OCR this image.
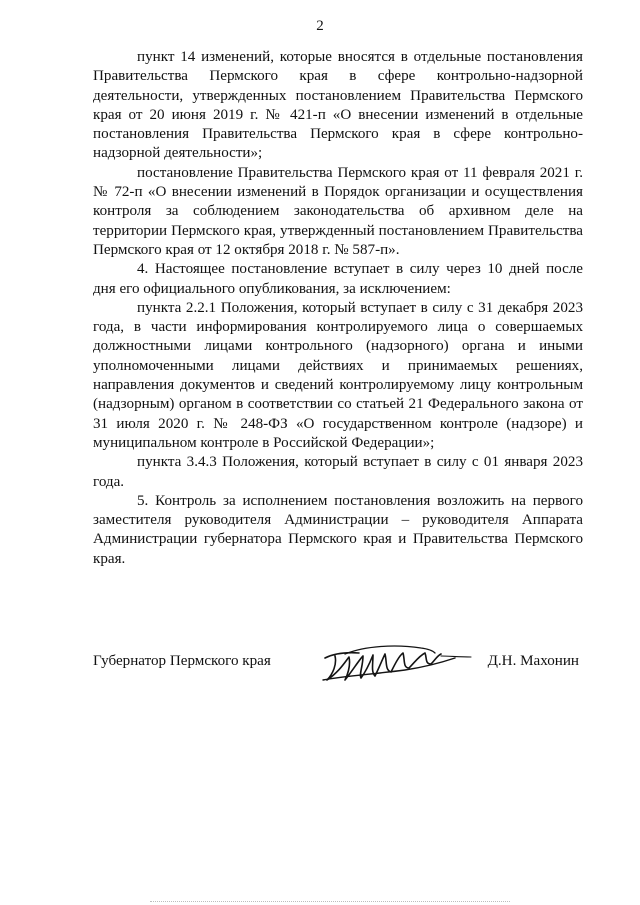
2

пункт 14 изменений, которые вносятся в отдельные постановления Правительства Пермского края в сфере контрольно-надзорной деятельности, утвержденных постановлением Правительства Пермского края от 20 июня 2019 г. № 421-п «О внесении изменений в отдельные постановления Правительства Пермского края в сфере контрольно-надзорной деятельности»;

постановление Правительства Пермского края от 11 февраля 2021 г. № 72-п «О внесении изменений в Порядок организации и осуществления контроля за соблюдением законодательства об архивном деле на территории Пермского края, утвержденный постановлением Правительства Пермского края от 12 октября 2018 г. № 587-п».

4. Настоящее постановление вступает в силу через 10 дней после дня его официального опубликования, за исключением:

пункта 2.2.1 Положения, который вступает в силу с 31 декабря 2023 года, в части информирования контролируемого лица о совершаемых должностными лицами контрольного (надзорного) органа и иными уполномоченными лицами действиях и принимаемых решениях, направления документов и сведений контролируемому лицу контрольным (надзорным) органом в соответствии со статьей 21 Федерального закона от 31 июля 2020 г. № 248-ФЗ «О государственном контроле (надзоре) и муниципальном контроле в Российской Федерации»;

пункта 3.4.3 Положения, который вступает в силу с 01 января 2023 года.

5. Контроль за исполнением постановления возложить на первого заместителя руководителя Администрации – руководителя Аппарата Администрации губернатора Пермского края и Правительства Пермского края.

Губернатор Пермского края	Д.Н. Махонин
